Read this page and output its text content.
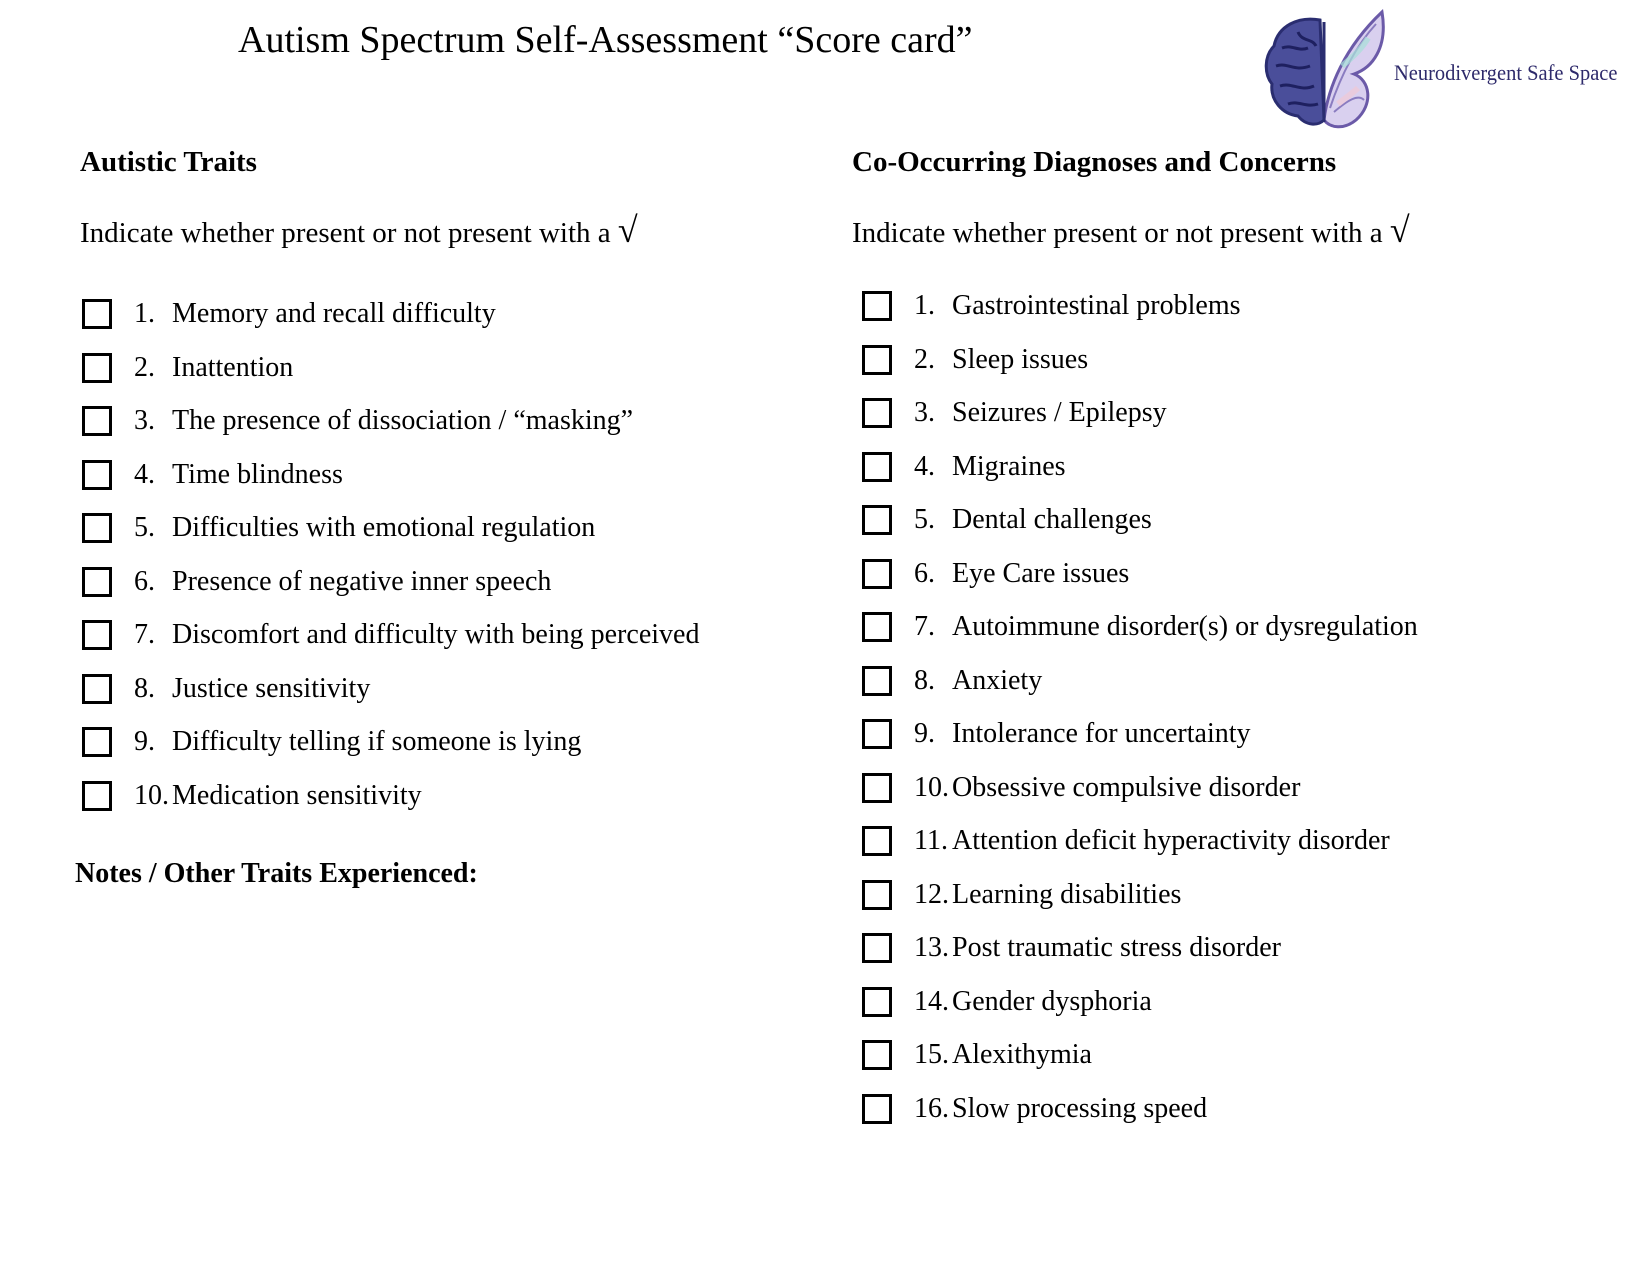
Autism Spectrum Self-Assessment “Score card”
Neurodivergent Safe Space
Autistic Traits
Indicate whether present or not present with a √
1. Memory and recall difficulty
2. Inattention
3. The presence of dissociation / “masking”
4. Time blindness
5. Difficulties with emotional regulation
6. Presence of negative inner speech
7. Discomfort and difficulty with being perceived
8. Justice sensitivity
9. Difficulty telling if someone is lying
10. Medication sensitivity
Notes / Other Traits Experienced:
Co-Occurring Diagnoses and Concerns
Indicate whether present or not present with a √
1. Gastrointestinal problems
2. Sleep issues
3. Seizures / Epilepsy
4. Migraines
5. Dental challenges
6. Eye Care issues
7. Autoimmune disorder(s) or dysregulation
8. Anxiety
9. Intolerance for uncertainty
10. Obsessive compulsive disorder
11. Attention deficit hyperactivity disorder
12. Learning disabilities
13. Post traumatic stress disorder
14. Gender dysphoria
15. Alexithymia
16. Slow processing speed
